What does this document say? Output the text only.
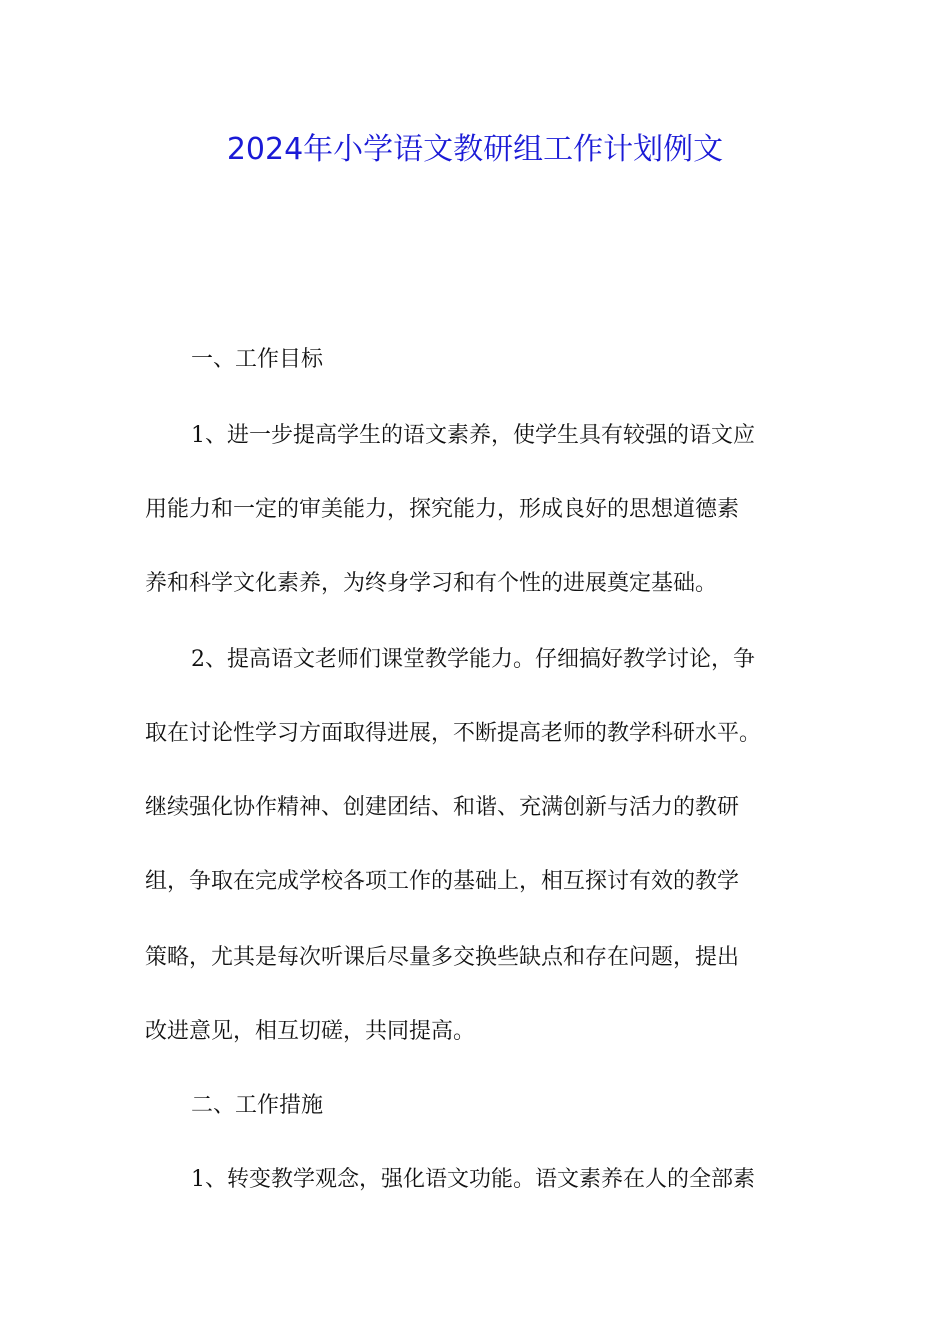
2024年小学语文教研组工作计划例文
一、工作目标
1、进一步提高学生的语文素养，使学生具有较强的语文应
用能力和一定的审美能力，探究能力，形成良好的思想道德素
养和科学文化素养，为终身学习和有个性的进展奠定基础。
2、提高语文老师们课堂教学能力。仔细搞好教学讨论，争
取在讨论性学习方面取得进展，不断提高老师的教学科研水平。
继续强化协作精神、创建团结、和谐、充满创新与活力的教研
组，争取在完成学校各项工作的基础上，相互探讨有效的教学
策略，尤其是每次听课后尽量多交换些缺点和存在问题，提出
改进意见，相互切磋，共同提高。
二、工作措施
1、转变教学观念，强化语文功能。语文素养在人的全部素
